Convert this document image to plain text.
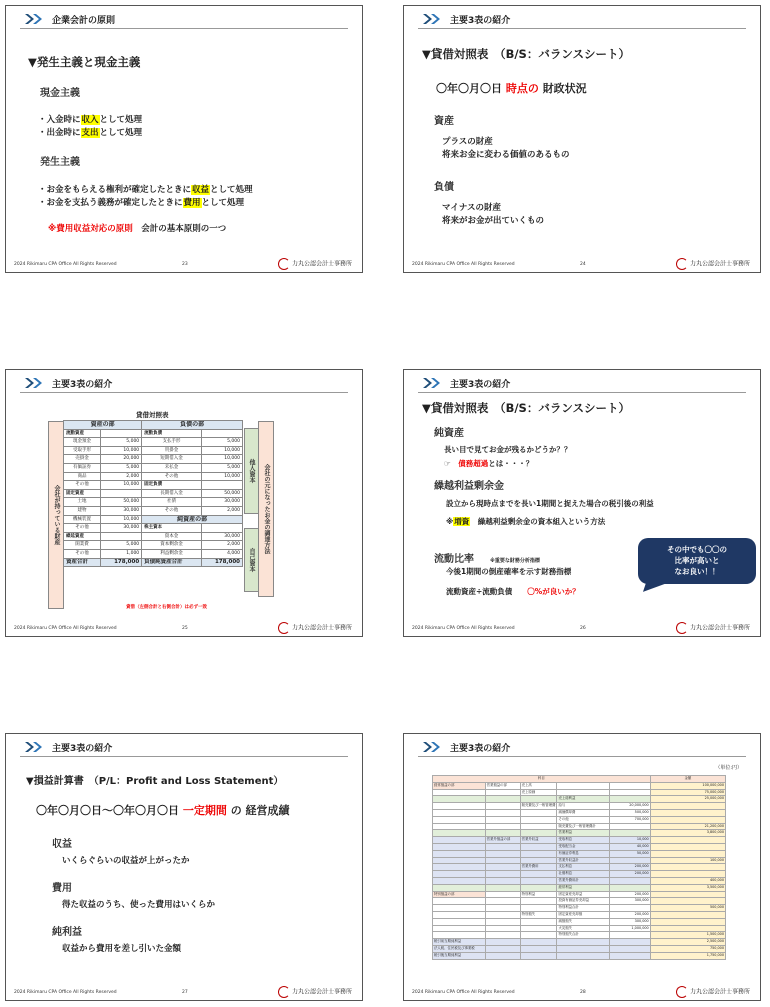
企業会計の原則
▼発生主義と現金主義
現金主義
・入金時に収入として処理
・出金時に支出として処理
発生主義
・お金をもらえる権利が確定したときに収益として処理
・お金を支払う義務が確定したときに費用として処理
※費用収益対応の原則　 会計の基本原則の一つ
2024 Rikimaru CPA Office All Rights Reserved	23	力丸公認会計士事務所
主要3表の紹介
▼貸借対照表　（B/S：バランスシート）
〇年〇月〇日 時点の 財政状況
資産
プラスの財産
将来お金に変わる価値のあるもの
負債
マイナスの財産
将来がお金が出ていくもの
2024 Rikimaru CPA Office All Rights Reserved	24	力丸公認会計士事務所
主要3表の紹介
貸借対照表
会社が持っている財産	会社の元になったお金の調達方法
他人資本
自己資本
資産の部		負債の部	
流動資産		流動負債	
現金預金	5,000	支払手形	5,000
受取手形	10,000	買掛金	10,000
売掛金	20,000	短期借入金	10,000
有価証券	5,000	未払金	5,000
商品	2,000	その他	10,000
その他	10,000	固定負債	
固定資産		長期借入金	50,000
土地	50,000	社債	30,000
建物	30,000	その他	2,000
機械装置	10,000	純資産の部	
その他	30,000	株主資本	
繰延資産		資本金	30,000
開業費	5,000	資本剰余金	2,000
その他	1,000	利益剰余金	4,000
資産合計	178,000	負債純資産合計	178,000
貸借（左側合計と右側合計）は必ず一致
2024 Rikimaru CPA Office All Rights Reserved	25	力丸公認会計士事務所
主要3表の紹介
▼貸借対照表　（B/S：バランスシート）
純資産
長い目で見てお金が残るかどうか？？
☞　 債務超過とは・・・？
繰越利益剰余金
設立から現時点までを長い1期間と捉えた場合の税引後の利益
※増資　 繰越利益剰余金の資本組入という方法
流動比率　	※重要な財務分析指標
今後1期間の倒産確率を示す財務指標
流動資産÷流動負債　　 〇%が良いか？
その中でも〇〇の
比率が高いと
なお良い！！
2024 Rikimaru CPA Office All Rights Reserved	26	力丸公認会計士事務所
主要3表の紹介
▼損益計算書　（P/L：Profit and Loss Statement）
〇年〇月〇日～〇年〇月〇日 一定期間 の 経営成績
収益
いくらぐらいの収益が上がったか
費用
得た収益のうち、使った費用はいくらか
純利益
収益から費用を差し引いた金額
2024 Rikimaru CPA Office All Rights Reserved	27	力丸公認会計士事務所
主要3表の紹介
（単位:円）
科目					金額
経常損益の部	営業損益の部	売上高			100,000,000
		売上原価			75,000,000
			売上総利益		25,000,000
		販売費及び一般管理費	給与	20,000,000	
			減価償却費	500,000	
			その他	700,000	
			販売費及び一般管理費計		21,200,000
			営業利益		3,800,000
	営業外損益の部	営業外収益	受取利息	10,000	
			受取配当金	40,000	
			有価証券利息	50,000	
			営業外収益計		100,000
		営業外費用	支払利息	200,000	
			社債利息	200,000	
			営業外費用計		400,000
			経常利益		3,500,000
特別損益の部		特別利益	固定資産売却益	200,000	
			投資有価証券売却益	300,000	
			特別利益合計		500,000
		特別損失	固定資産売却損	200,000	
			減損損失	300,000	
			火災損失	1,000,000	
			特別損失合計		1,500,000
税引前当期純利益					2,500,000
法人税、住民税及び事業税					750,000
税引後当期純利益					1,750,000
2024 Rikimaru CPA Office All Rights Reserved	28	力丸公認会計士事務所
